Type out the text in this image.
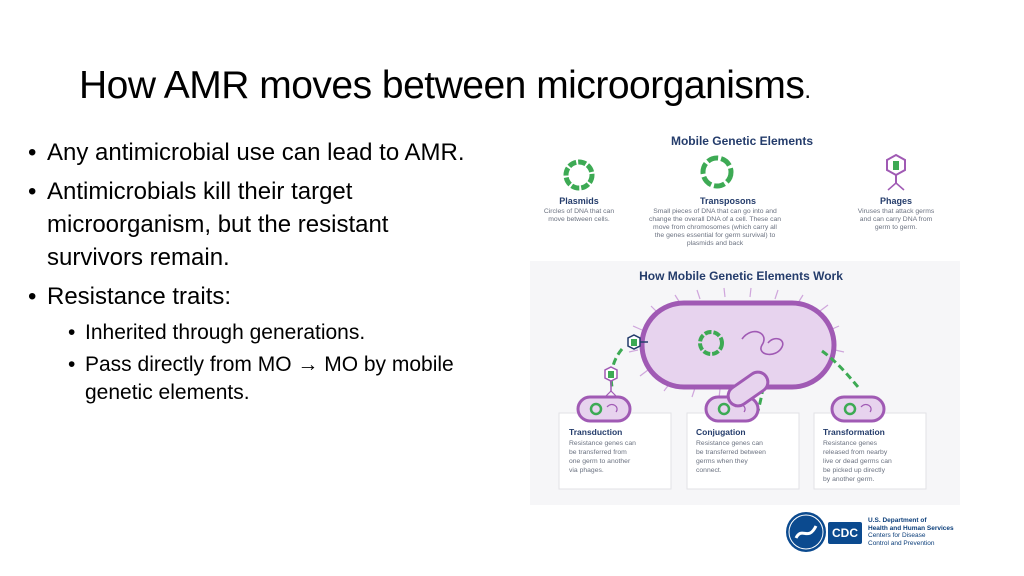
How AMR moves between microorganisms.
• Any antimicrobial use can lead to AMR.
• Antimicrobials kill their target microorganism, but the resistant survivors remain.
• Resistance traits:
• Inherited through generations.
• Pass directly from MO → MO by mobile genetic elements.
Mobile Genetic Elements
Plasmids
Circles of DNA that can
move between cells.
Transposons
Small pieces of DNA that can go into and
change the overall DNA of a cell. These can
move from chromosomes (which carry all
the genes essential for germ survival) to
plasmids and back
Phages
Viruses that attack germs
and can carry DNA from
germ to germ.
How Mobile Genetic Elements Work
Transduction
Resistance genes can
be transferred from
one germ to another
via phages.
Conjugation
Resistance genes can
be transferred between
germs when they
connect.
Transformation
Resistance genes
released from nearby
live or dead germs can
be picked up directly
by another germ.
CDC
U.S. Department of
Health and Human Services
Centers for Disease
Control and Prevention
